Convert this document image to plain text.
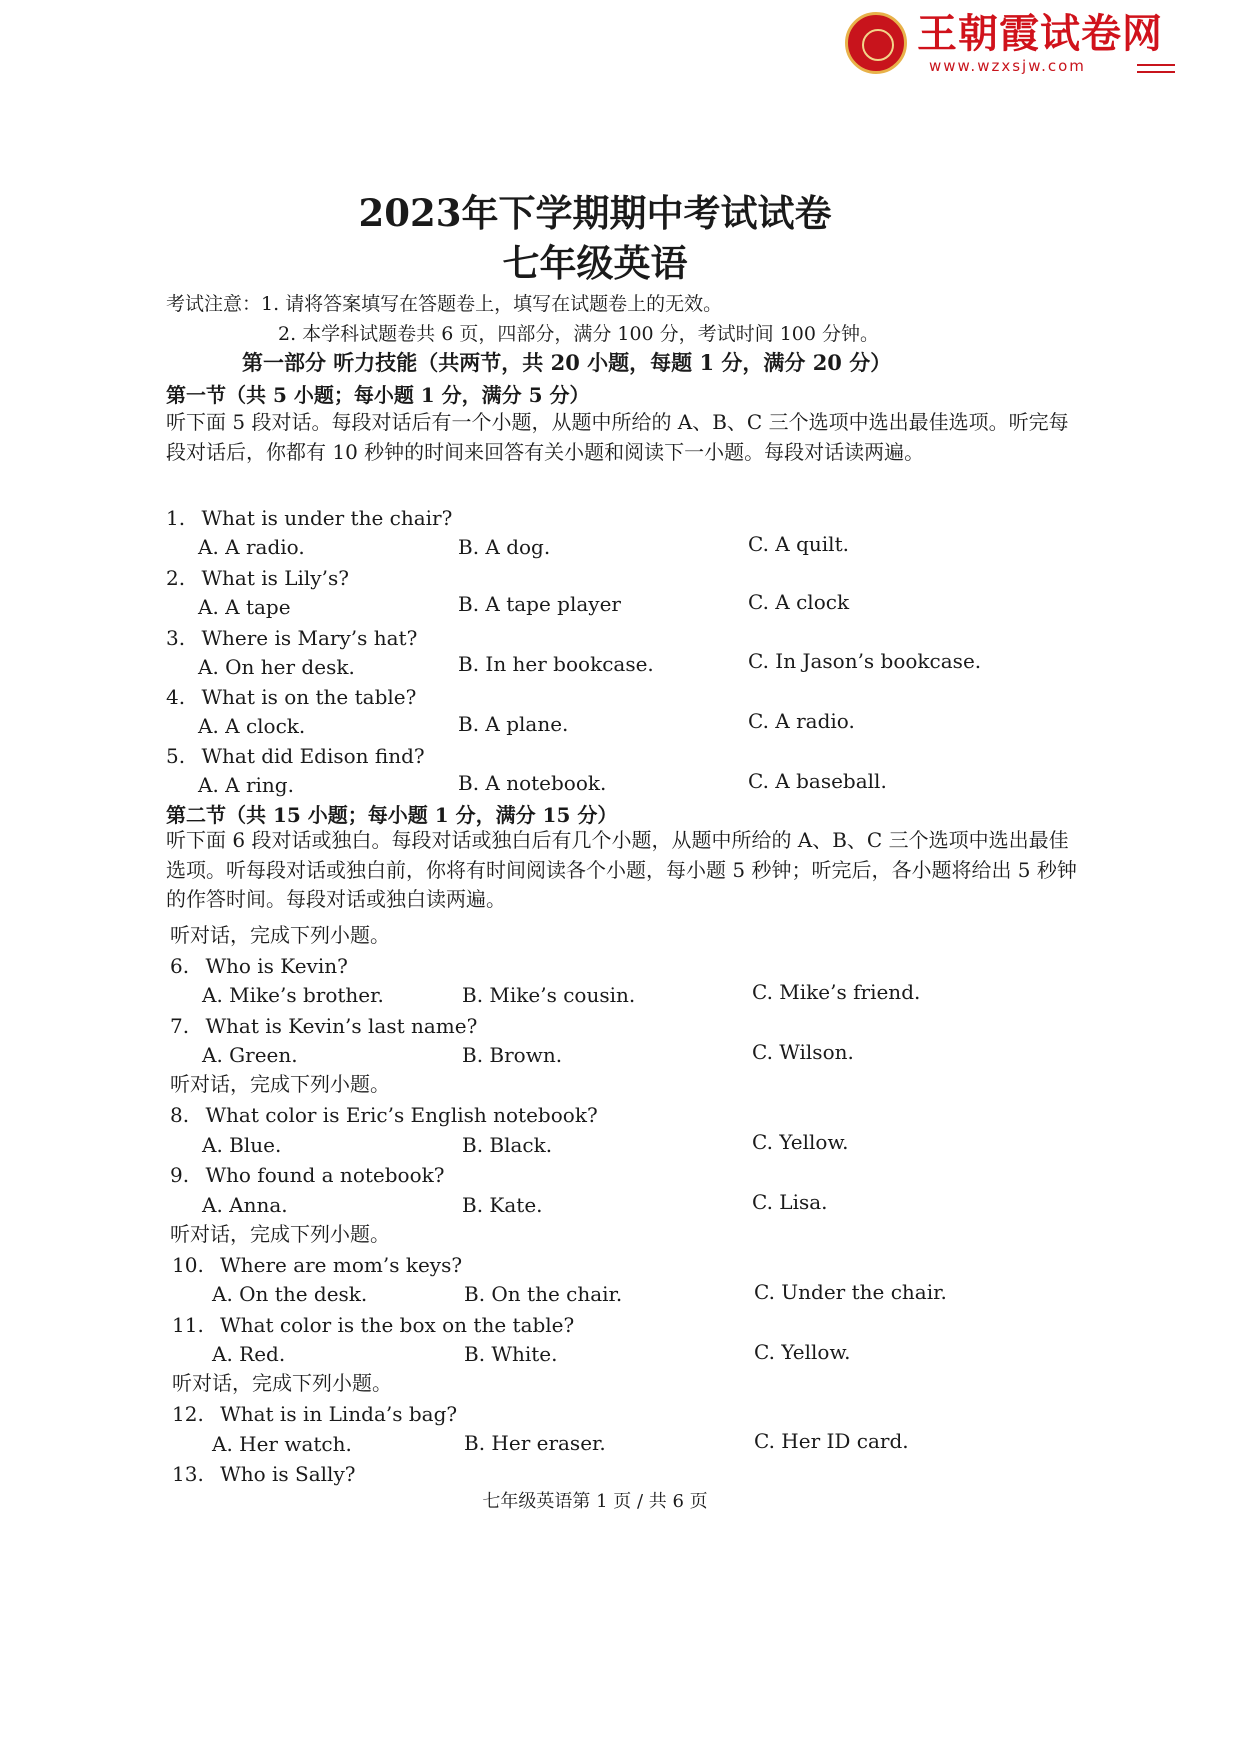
王朝霞试卷网
www.wzxsjw.com
2023年下学期期中考试试卷
七年级英语
考试注意：1. 请将答案填写在答题卷上，填写在试题卷上的无效。
2. 本学科试题卷共 6 页，四部分，满分 100 分，考试时间 100 分钟。
第一部分 听力技能（共两节，共 20 小题，每题 1 分，满分 20 分）
第一节（共 5 小题；每小题 1 分，满分 5 分）
听下面 5 段对话。每段对话后有一个小题，从题中所给的 A、B、C 三个选项中选出最佳选项。听完每段对话后，你都有 10 秒钟的时间来回答有关小题和阅读下一小题。每段对话读两遍。
1. What is under the chair?
A. A radio.	B. A dog.	C. A quilt.
2. What is Lily’s?
A. A tape	B. A tape player	C. A clock
3. Where is Mary’s hat?
A. On her desk.	B. In her bookcase.	C. In Jason’s bookcase.
4. What is on the table?
A. A clock.	B. A plane.	C. A radio.
5. What did Edison find?
A. A ring.	B. A notebook.	C. A baseball.
第二节（共 15 小题；每小题 1 分，满分 15 分）
听下面 6 段对话或独白。每段对话或独白后有几个小题，从题中所给的 A、B、C 三个选项中选出最佳选项。听每段对话或独白前，你将有时间阅读各个小题，每小题 5 秒钟；听完后，各小题将给出 5 秒钟的作答时间。每段对话或独白读两遍。
听对话，完成下列小题。
6. Who is Kevin?
A. Mike’s brother.	B. Mike’s cousin.	C. Mike’s friend.
7. What is Kevin’s last name?
A. Green.	B. Brown.	C. Wilson.
听对话，完成下列小题。
8. What color is Eric’s English notebook?
A. Blue.	B. Black.	C. Yellow.
9. Who found a notebook?
A. Anna.	B. Kate.	C. Lisa.
听对话，完成下列小题。
10. Where are mom’s keys?
A. On the desk.	B. On the chair.	C. Under the chair.
11. What color is the box on the table?
A. Red.	B. White.	C. Yellow.
听对话，完成下列小题。
12. What is in Linda’s bag?
A. Her watch.	B. Her eraser.	C. Her ID card.
13. Who is Sally?
七年级英语第 1 页 / 共 6 页
